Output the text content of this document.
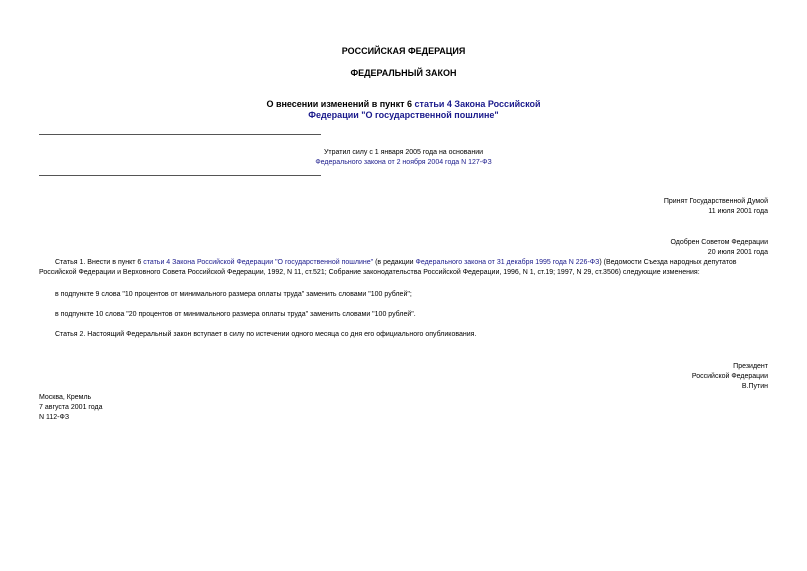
РОССИЙСКАЯ ФЕДЕРАЦИЯ
ФЕДЕРАЛЬНЫЙ ЗАКОН
О внесении изменений в пункт 6 статьи 4 Закона Российской
Федерации "О государственной пошлине"
Утратил силу с 1 января 2005 года на основании
Федерального закона от 2 ноября 2004 года N 127-ФЗ
Принят Государственной Думой
11 июля 2001 года
Одобрен Советом Федерации
20 июля 2001 года
Статья 1. Внести в пункт 6 статьи 4 Закона Российской Федерации "О государственной пошлине" (в редакции Федерального закона от 31 декабря 1995 года N 226-ФЗ) (Ведомости Съезда народных депутатов Российской Федерации и Верховного Совета Российской Федерации, 1992, N 11, ст.521; Собрание законодательства Российской Федерации, 1996, N 1, ст.19; 1997, N 29, ст.3506) следующие изменения:
в подпункте 9 слова "10 процентов от минимального размера оплаты труда" заменить словами "100 рублей";
в подпункте 10 слова "20 процентов от минимального размера оплаты труда" заменить словами "100 рублей".
Статья 2. Настоящий Федеральный закон вступает в силу по истечении одного месяца со дня его официального опубликования.
Президент
Российской Федерации
В.Путин
Москва, Кремль
7 августа 2001 года
N 112-ФЗ
